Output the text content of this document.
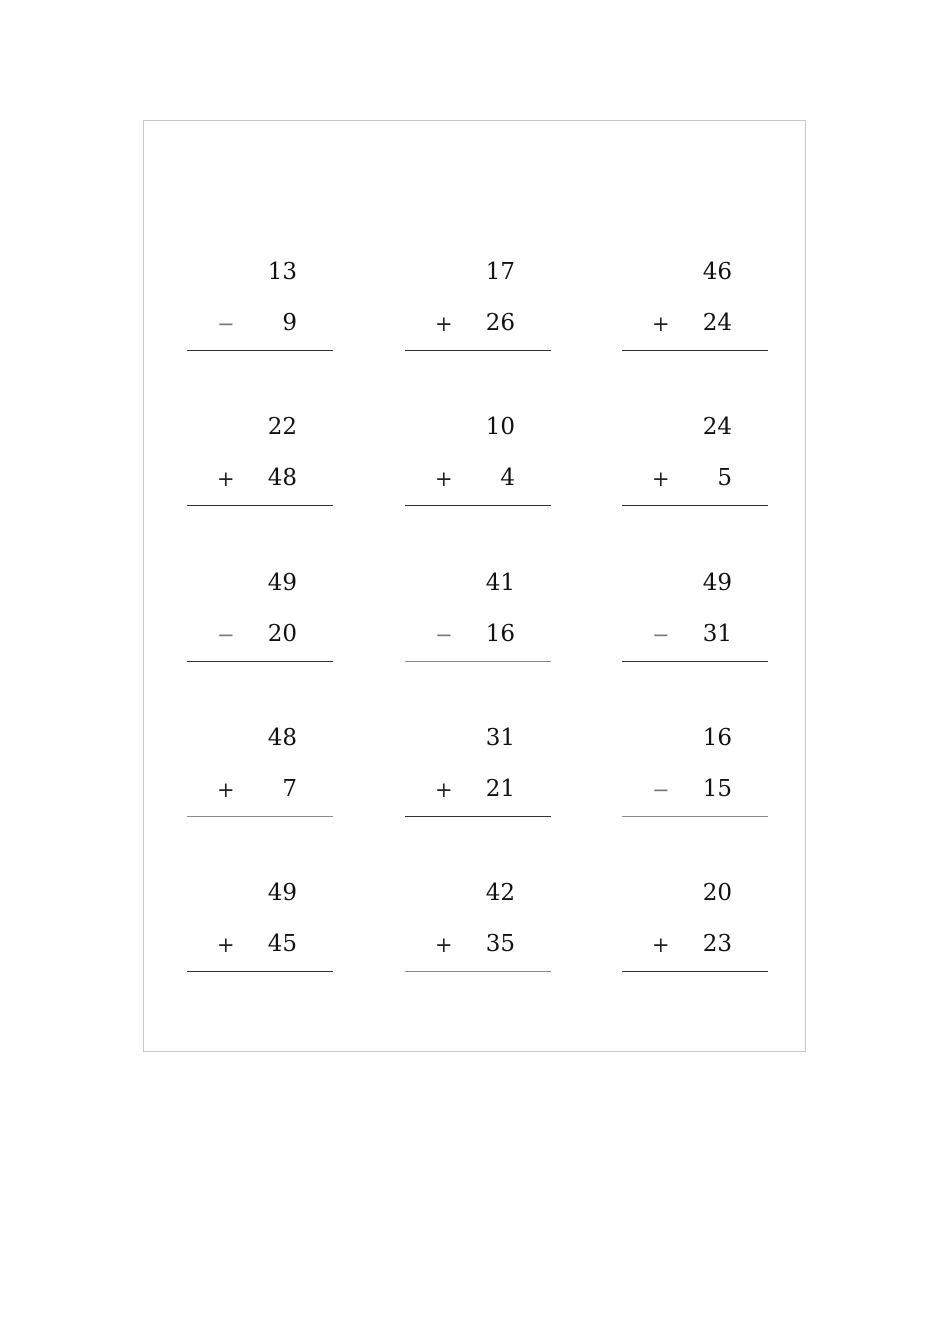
13
− 9
17
+ 26
46
+ 24
22
+ 48
10
+ 4
24
+ 5
49
− 20
41
− 16
49
− 31
48
+ 7
31
+ 21
16
− 15
49
+ 45
42
+ 35
20
+ 23
